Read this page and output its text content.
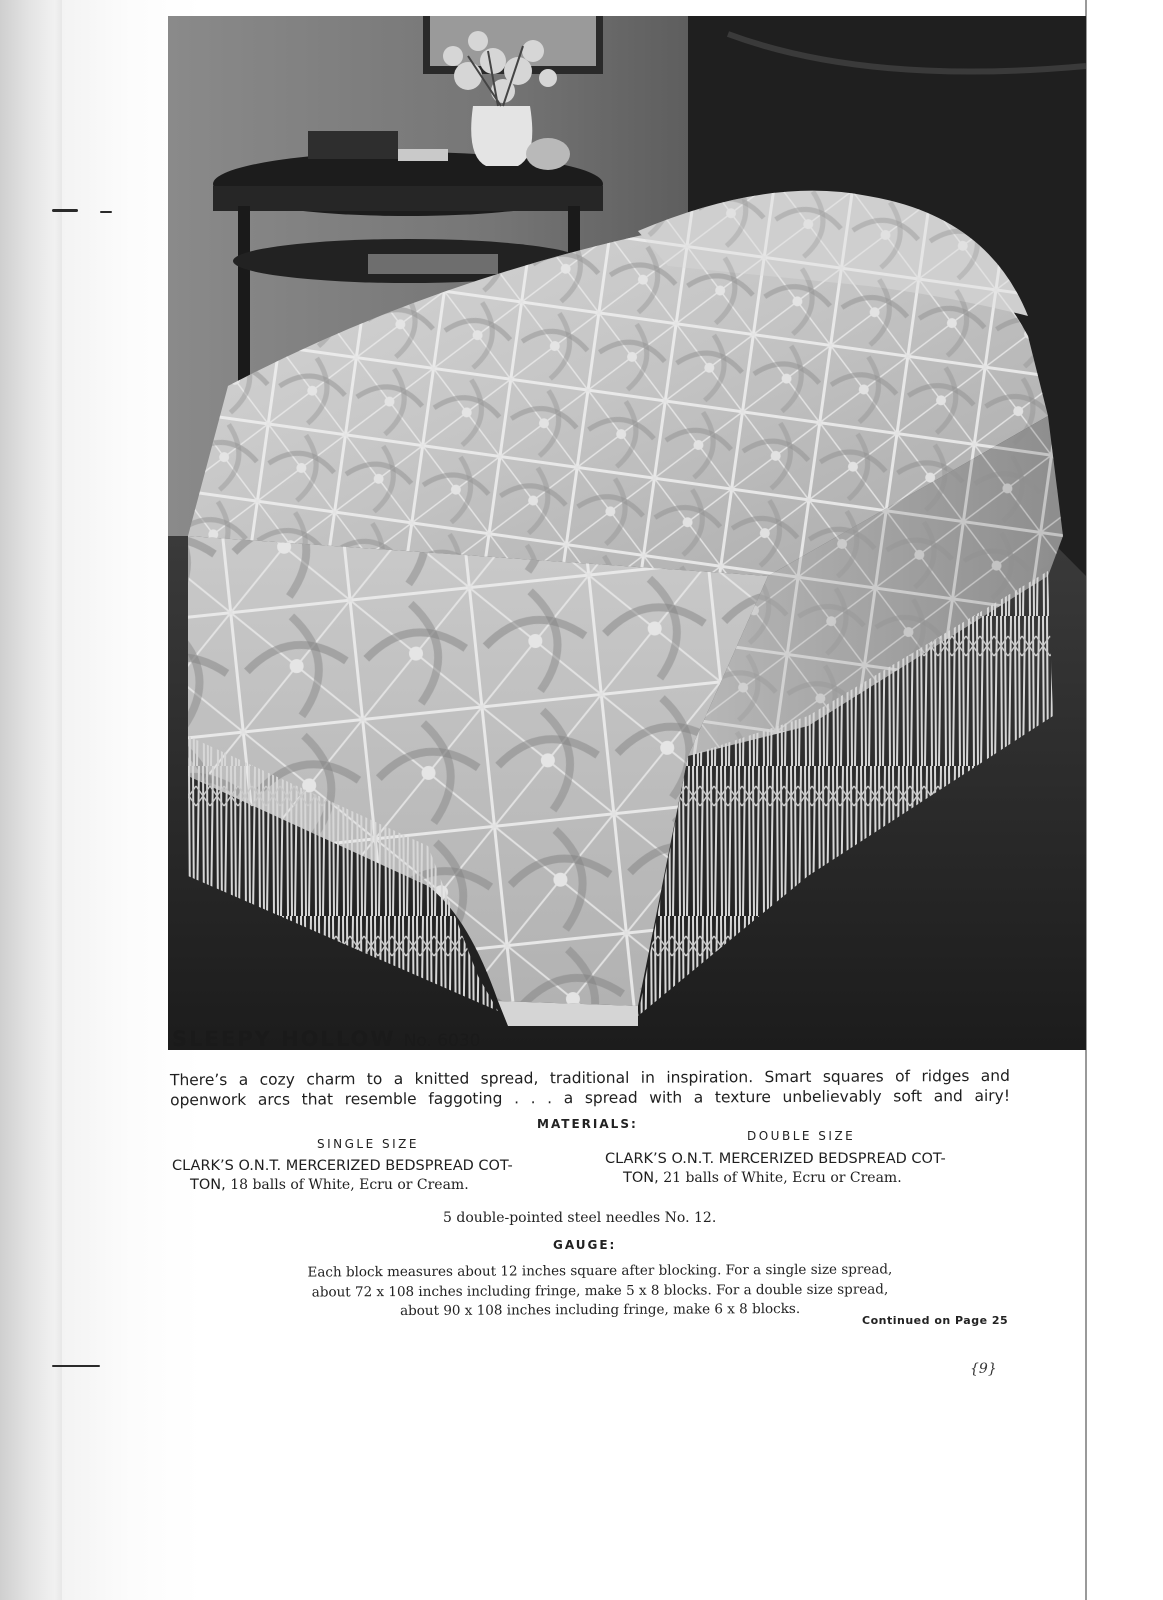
SLEEPY HOLLOW No. 6030
There’s a cozy charm to a knitted spread, traditional in inspiration. Smart squares of ridges and
openwork arcs that resemble faggoting . . . a spread with a texture unbelievably soft and airy!
MATERIALS:
SINGLE SIZE
DOUBLE SIZE
CLARK’S O.N.T. MERCERIZED BEDSPREAD COT-
TON, 18 balls of White, Ecru or Cream.
CLARK’S O.N.T. MERCERIZED BEDSPREAD COT-
TON, 21 balls of White, Ecru or Cream.
5 double-pointed steel needles No. 12.
GAUGE:
Each block measures about 12 inches square after blocking. For a single size spread,
about 72 x 108 inches including fringe, make 5 x 8 blocks. For a double size spread,
about 90 x 108 inches including fringe, make 6 x 8 blocks.
Continued on Page 25
{9}
